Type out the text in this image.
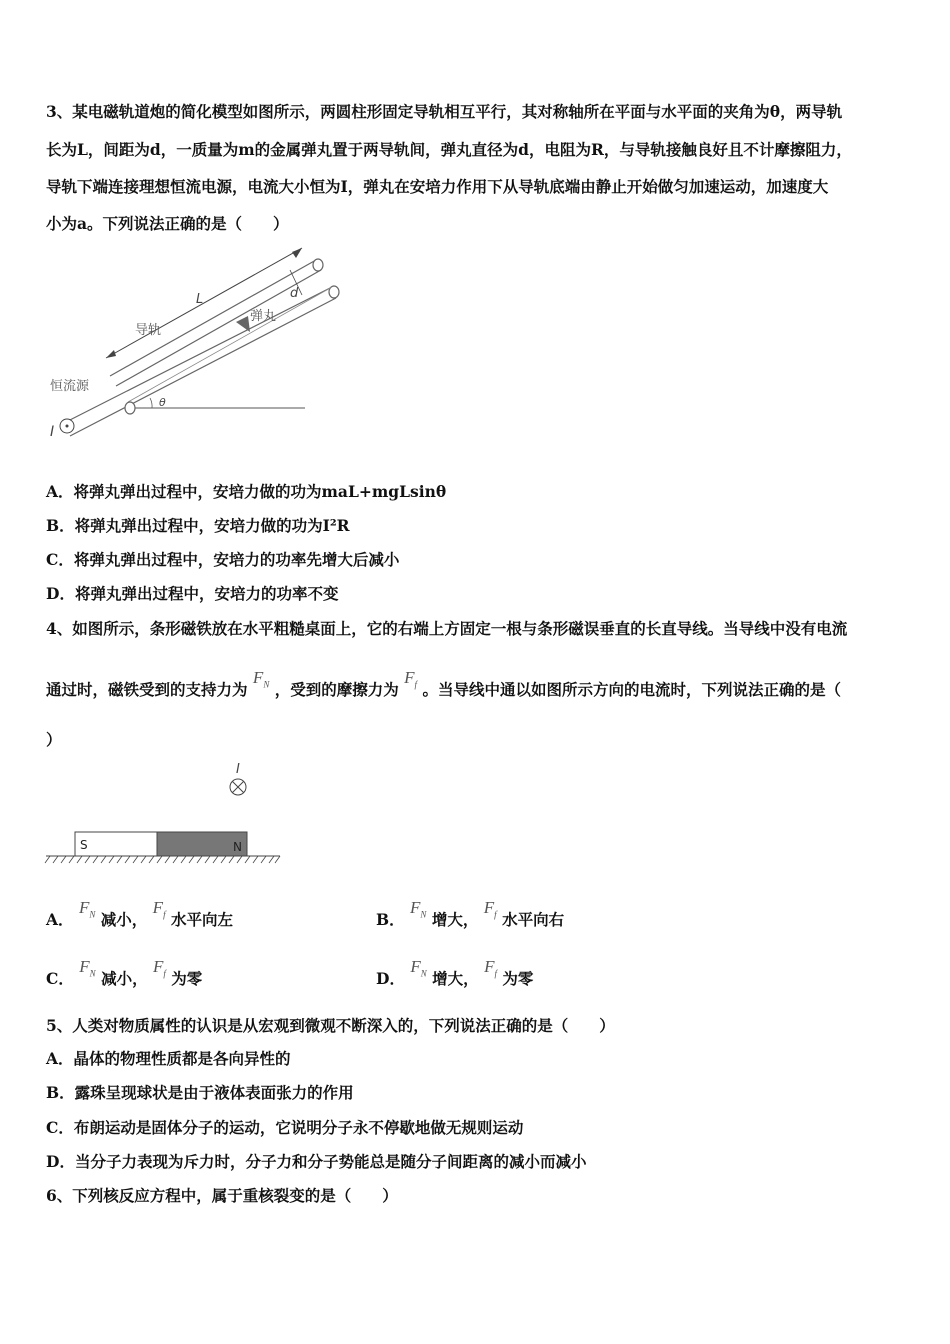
3、某电磁轨道炮的简化模型如图所示，两圆柱形固定导轨相互平行，其对称轴所在平面与水平面的夹角为θ，两导轨
长为L，间距为d，一质量为m的金属弹丸置于两导轨间，弹丸直径为d，电阻为R，与导轨接触良好且不计摩擦阻力，
导轨下端连接理想恒流电源，电流大小恒为I，弹丸在安培力作用下从导轨底端由静止开始做匀加速运动，加速度大
小为a。下列说法正确的是（　　）
L	d
导轨
弹丸
恒流源
I
θ
A．将弹丸弹出过程中，安培力做的功为maL+mgLsinθ
B．将弹丸弹出过程中，安培力做的功为I²R
C．将弹丸弹出过程中，安培力的功率先增大后减小
D．将弹丸弹出过程中，安培力的功率不变
4、如图所示，条形磁铁放在水平粗糙桌面上，它的右端上方固定一根与条形磁误垂直的长直导线。当导线中没有电流
通过时，磁铁受到的支持力为 $F_N$ ，受到的摩擦力为 $F_f$ 。当导线中通以如图所示方向的电流时，下列说法正确的是（
）
I
S	N
A． $F_N$ 减小， $F_f$ 水平向左	B． $F_N$ 增大， $F_f$ 水平向右
C． $F_N$ 减小， $F_f$ 为零	D． $F_N$ 增大， $F_f$ 为零
5、人类对物质属性的认识是从宏观到微观不断深入的，下列说法正确的是（　　）
A．晶体的物理性质都是各向异性的
B．露珠呈现球状是由于液体表面张力的作用
C．布朗运动是固体分子的运动，它说明分子永不停歇地做无规则运动
D．当分子力表现为斥力时，分子力和分子势能总是随分子间距离的减小而减小
6、下列核反应方程中，属于重核裂变的是（　　）
